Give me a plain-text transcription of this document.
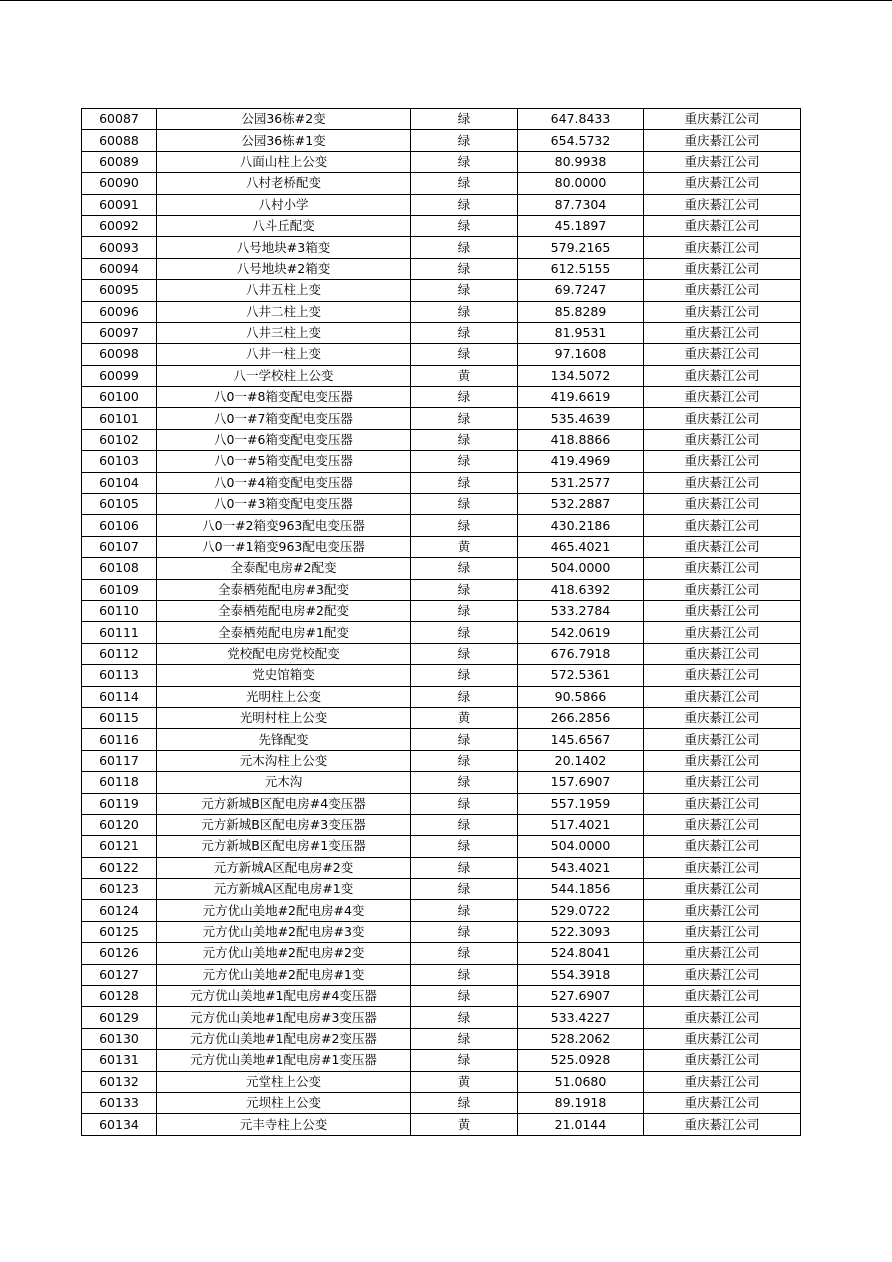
60087	公园36栋#2变	绿	647.8433	重庆綦江公司
60088	公园36栋#1变	绿	654.5732	重庆綦江公司
60089	八面山柱上公变	绿	80.9938	重庆綦江公司
60090	八村老桥配变	绿	80.0000	重庆綦江公司
60091	八村小学	绿	87.7304	重庆綦江公司
60092	八斗丘配变	绿	45.1897	重庆綦江公司
60093	八号地块#3箱变	绿	579.2165	重庆綦江公司
60094	八号地块#2箱变	绿	612.5155	重庆綦江公司
60095	八井五柱上变	绿	69.7247	重庆綦江公司
60096	八井二柱上变	绿	85.8289	重庆綦江公司
60097	八井三柱上变	绿	81.9531	重庆綦江公司
60098	八井一柱上变	绿	97.1608	重庆綦江公司
60099	八一学校柱上公变	黄	134.5072	重庆綦江公司
60100	八0一#8箱变配电变压器	绿	419.6619	重庆綦江公司
60101	八0一#7箱变配电变压器	绿	535.4639	重庆綦江公司
60102	八0一#6箱变配电变压器	绿	418.8866	重庆綦江公司
60103	八0一#5箱变配电变压器	绿	419.4969	重庆綦江公司
60104	八0一#4箱变配电变压器	绿	531.2577	重庆綦江公司
60105	八0一#3箱变配电变压器	绿	532.2887	重庆綦江公司
60106	八0一#2箱变963配电变压器	绿	430.2186	重庆綦江公司
60107	八0一#1箱变963配电变压器	黄	465.4021	重庆綦江公司
60108	全泰配电房#2配变	绿	504.0000	重庆綦江公司
60109	全泰栖苑配电房#3配变	绿	418.6392	重庆綦江公司
60110	全泰栖苑配电房#2配变	绿	533.2784	重庆綦江公司
60111	全泰栖苑配电房#1配变	绿	542.0619	重庆綦江公司
60112	党校配电房党校配变	绿	676.7918	重庆綦江公司
60113	党史馆箱变	绿	572.5361	重庆綦江公司
60114	光明柱上公变	绿	90.5866	重庆綦江公司
60115	光明村柱上公变	黄	266.2856	重庆綦江公司
60116	先锋配变	绿	145.6567	重庆綦江公司
60117	元木沟柱上公变	绿	20.1402	重庆綦江公司
60118	元木沟	绿	157.6907	重庆綦江公司
60119	元方新城B区配电房#4变压器	绿	557.1959	重庆綦江公司
60120	元方新城B区配电房#3变压器	绿	517.4021	重庆綦江公司
60121	元方新城B区配电房#1变压器	绿	504.0000	重庆綦江公司
60122	元方新城A区配电房#2变	绿	543.4021	重庆綦江公司
60123	元方新城A区配电房#1变	绿	544.1856	重庆綦江公司
60124	元方优山美地#2配电房#4变	绿	529.0722	重庆綦江公司
60125	元方优山美地#2配电房#3变	绿	522.3093	重庆綦江公司
60126	元方优山美地#2配电房#2变	绿	524.8041	重庆綦江公司
60127	元方优山美地#2配电房#1变	绿	554.3918	重庆綦江公司
60128	元方优山美地#1配电房#4变压器	绿	527.6907	重庆綦江公司
60129	元方优山美地#1配电房#3变压器	绿	533.4227	重庆綦江公司
60130	元方优山美地#1配电房#2变压器	绿	528.2062	重庆綦江公司
60131	元方优山美地#1配电房#1变压器	绿	525.0928	重庆綦江公司
60132	元堂柱上公变	黄	51.0680	重庆綦江公司
60133	元坝柱上公变	绿	89.1918	重庆綦江公司
60134	元丰寺柱上公变	黄	21.0144	重庆綦江公司
